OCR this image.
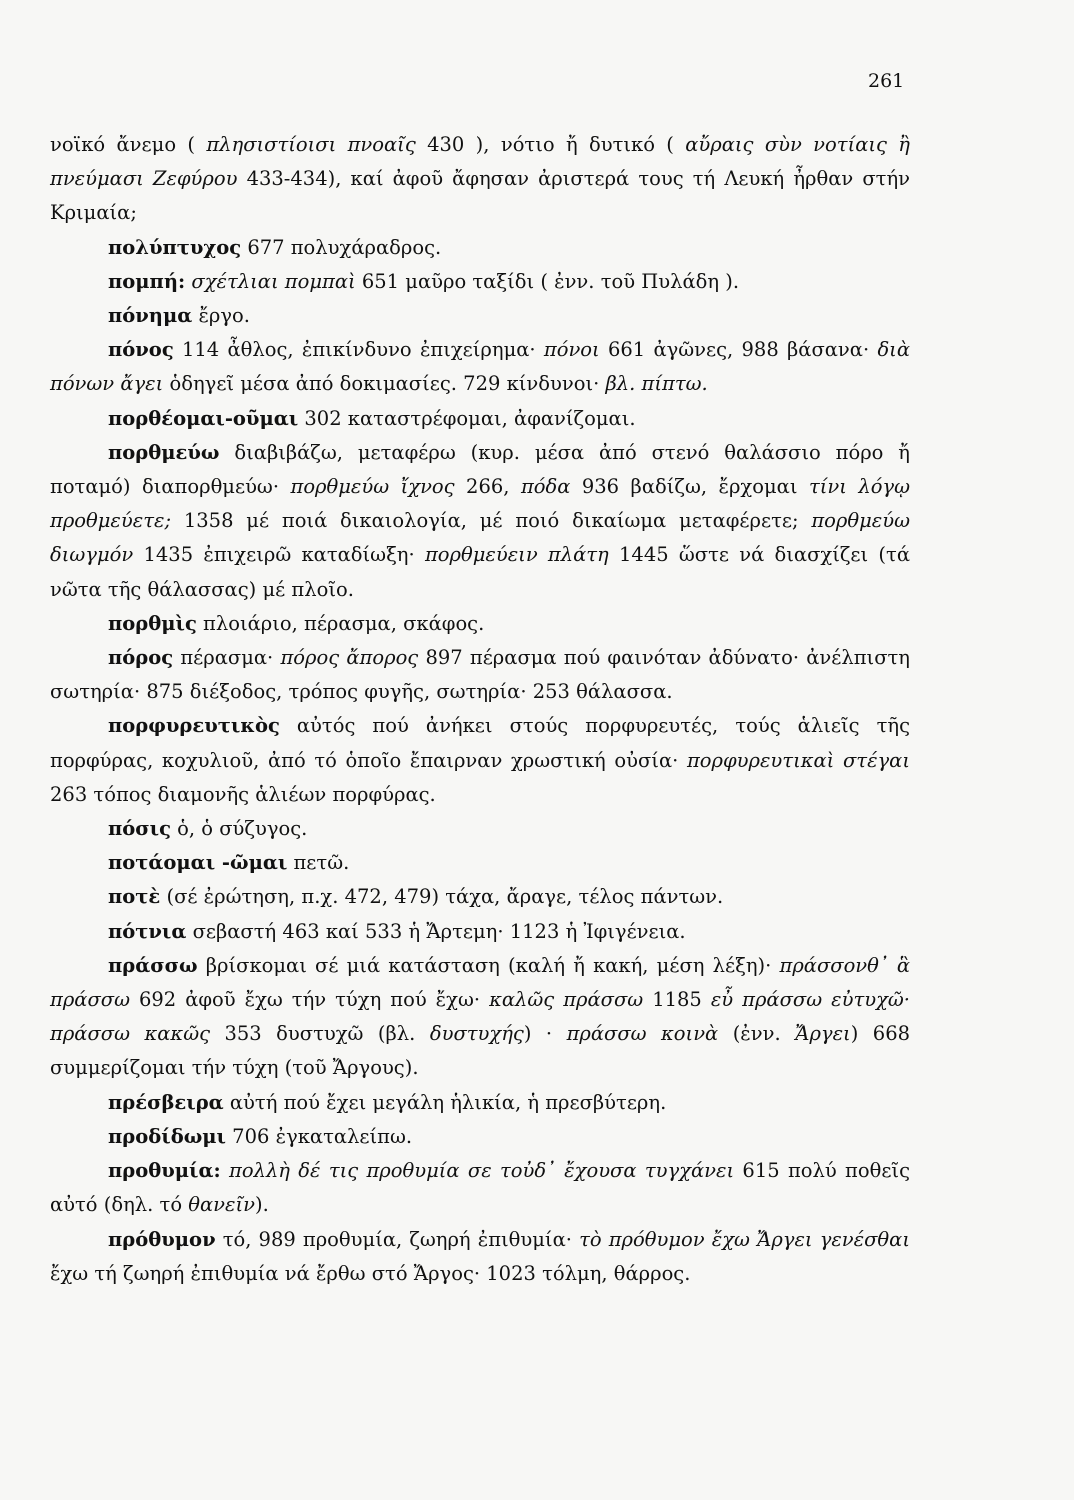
261

νοϊκό ἄνεμο ( πλησιστίοισι πνοαῖς 430 ), νότιο ἤ δυτικό ( αὔραις σὺν νοτίαις ἢ πνεύμασι Ζεφύρου 433-434), καί ἀφοῦ ἄφησαν ἀριστερά τους τή Λευκή ἦρθαν στήν Κριμαία;

πολύπτυχος 677 πολυχάραδρος.

πομπή: σχέτλιαι πομπαὶ 651 μαῦρο ταξίδι ( ἐνν. τοῦ Πυλάδη ).

πόνημα ἔργο.

πόνος 114 ἆθλος, ἐπικίνδυνο ἐπιχείρημα· πόνοι 661 ἀγῶνες, 988 βάσανα· διὰ πόνων ἄγει ὁδηγεῖ μέσα ἀπό δοκιμασίες. 729 κίνδυνοι· βλ. πίπτω.

πορθέομαι-οῦμαι 302 καταστρέφομαι, ἀφανίζομαι.

πορθμεύω διαβιβάζω, μεταφέρω (κυρ. μέσα ἀπό στενό θαλάσσιο πόρο ἤ ποταμό) διαπορθμεύω· πορθμεύω ἴχνος 266, πόδα 936 βαδίζω, ἔρχομαι τίνι λόγῳ προθμεύετε; 1358 μέ ποιά δικαιολογία, μέ ποιό δικαίωμα μεταφέρετε; πορθμεύω διωγμόν 1435 ἐπιχειρῶ καταδίωξη· πορθμεύειν πλάτη 1445 ὥστε νά διασχίζει (τά νῶτα τῆς θάλασσας) μέ πλοῖο.

πορθμὶς πλοιάριο, πέρασμα, σκάφος.

πόρος πέρασμα· πόρος ἄπορος 897 πέρασμα πού φαινόταν ἀδύνατο· ἀνέλπιστη σωτηρία· 875 διέξοδος, τρόπος φυγῆς, σωτηρία· 253 θάλασσα.

πορφυρευτικὸς αὐτός πού ἀνήκει στούς πορφυρευτές, τούς ἁλιεῖς τῆς πορφύρας, κοχυλιοῦ, ἀπό τό ὁποῖο ἔπαιρναν χρωστική οὐσία· πορφυρευτικαὶ στέγαι 263 τόπος διαμονῆς ἁλιέων πορφύρας.

πόσις ὁ, ὁ σύζυγος.

ποτάομαι -ῶμαι πετῶ.

ποτὲ (σέ ἐρώτηση, π.χ. 472, 479) τάχα, ἄραγε, τέλος πάντων.

πότνια σεβαστή 463 καί 533 ἡ Ἄρτεμη· 1123 ἡ Ἰφιγένεια.

πράσσω βρίσκομαι σέ μιά κατάσταση (καλή ἤ κακή, μέση λέξη)· πράσσονθ᾽ ἃ πράσσω 692 ἀφοῦ ἔχω τήν τύχη πού ἔχω· καλῶς πράσσω 1185 εὖ πράσσω εὐτυχῶ· πράσσω κακῶς 353 δυστυχῶ (βλ. δυστυχής) · πράσσω κοινὰ (ἐνν. Ἄργει) 668 συμμερίζομαι τήν τύχη (τοῦ Ἄργους).

πρέσβειρα αὐτή πού ἔχει μεγάλη ἡλικία, ἡ πρεσβύτερη.

προδίδωμι 706 ἐγκαταλείπω.

προθυμία: πολλὴ δέ τις προθυμία σε τοὐδ᾽ ἔχουσα τυγχάνει 615 πολύ ποθεῖς αὐτό (δηλ. τό θανεῖν).

πρόθυμον τό, 989 προθυμία, ζωηρή ἐπιθυμία· τὸ πρόθυμον ἔχω Ἄργει γενέσθαι ἔχω τή ζωηρή ἐπιθυμία νά ἔρθω στό Ἄργος· 1023 τόλμη, θάρρος.
